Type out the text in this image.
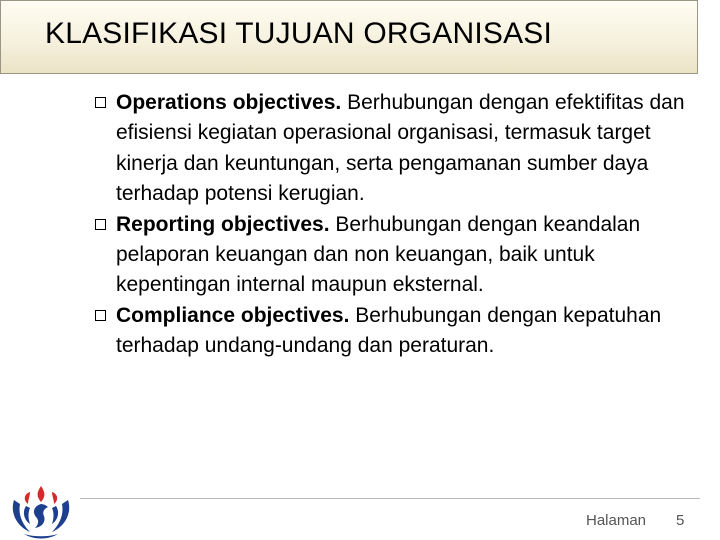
KLASIFIKASI TUJUAN ORGANISASI
Operations objectives. Berhubungan dengan efektifitas dan efisiensi kegiatan operasional organisasi, termasuk target kinerja dan keuntungan, serta pengamanan sumber daya terhadap potensi kerugian.
Reporting objectives. Berhubungan dengan keandalan pelaporan keuangan dan non keuangan, baik untuk kepentingan internal maupun eksternal.
Compliance objectives. Berhubungan dengan kepatuhan terhadap undang-undang dan peraturan.
Halaman 5
